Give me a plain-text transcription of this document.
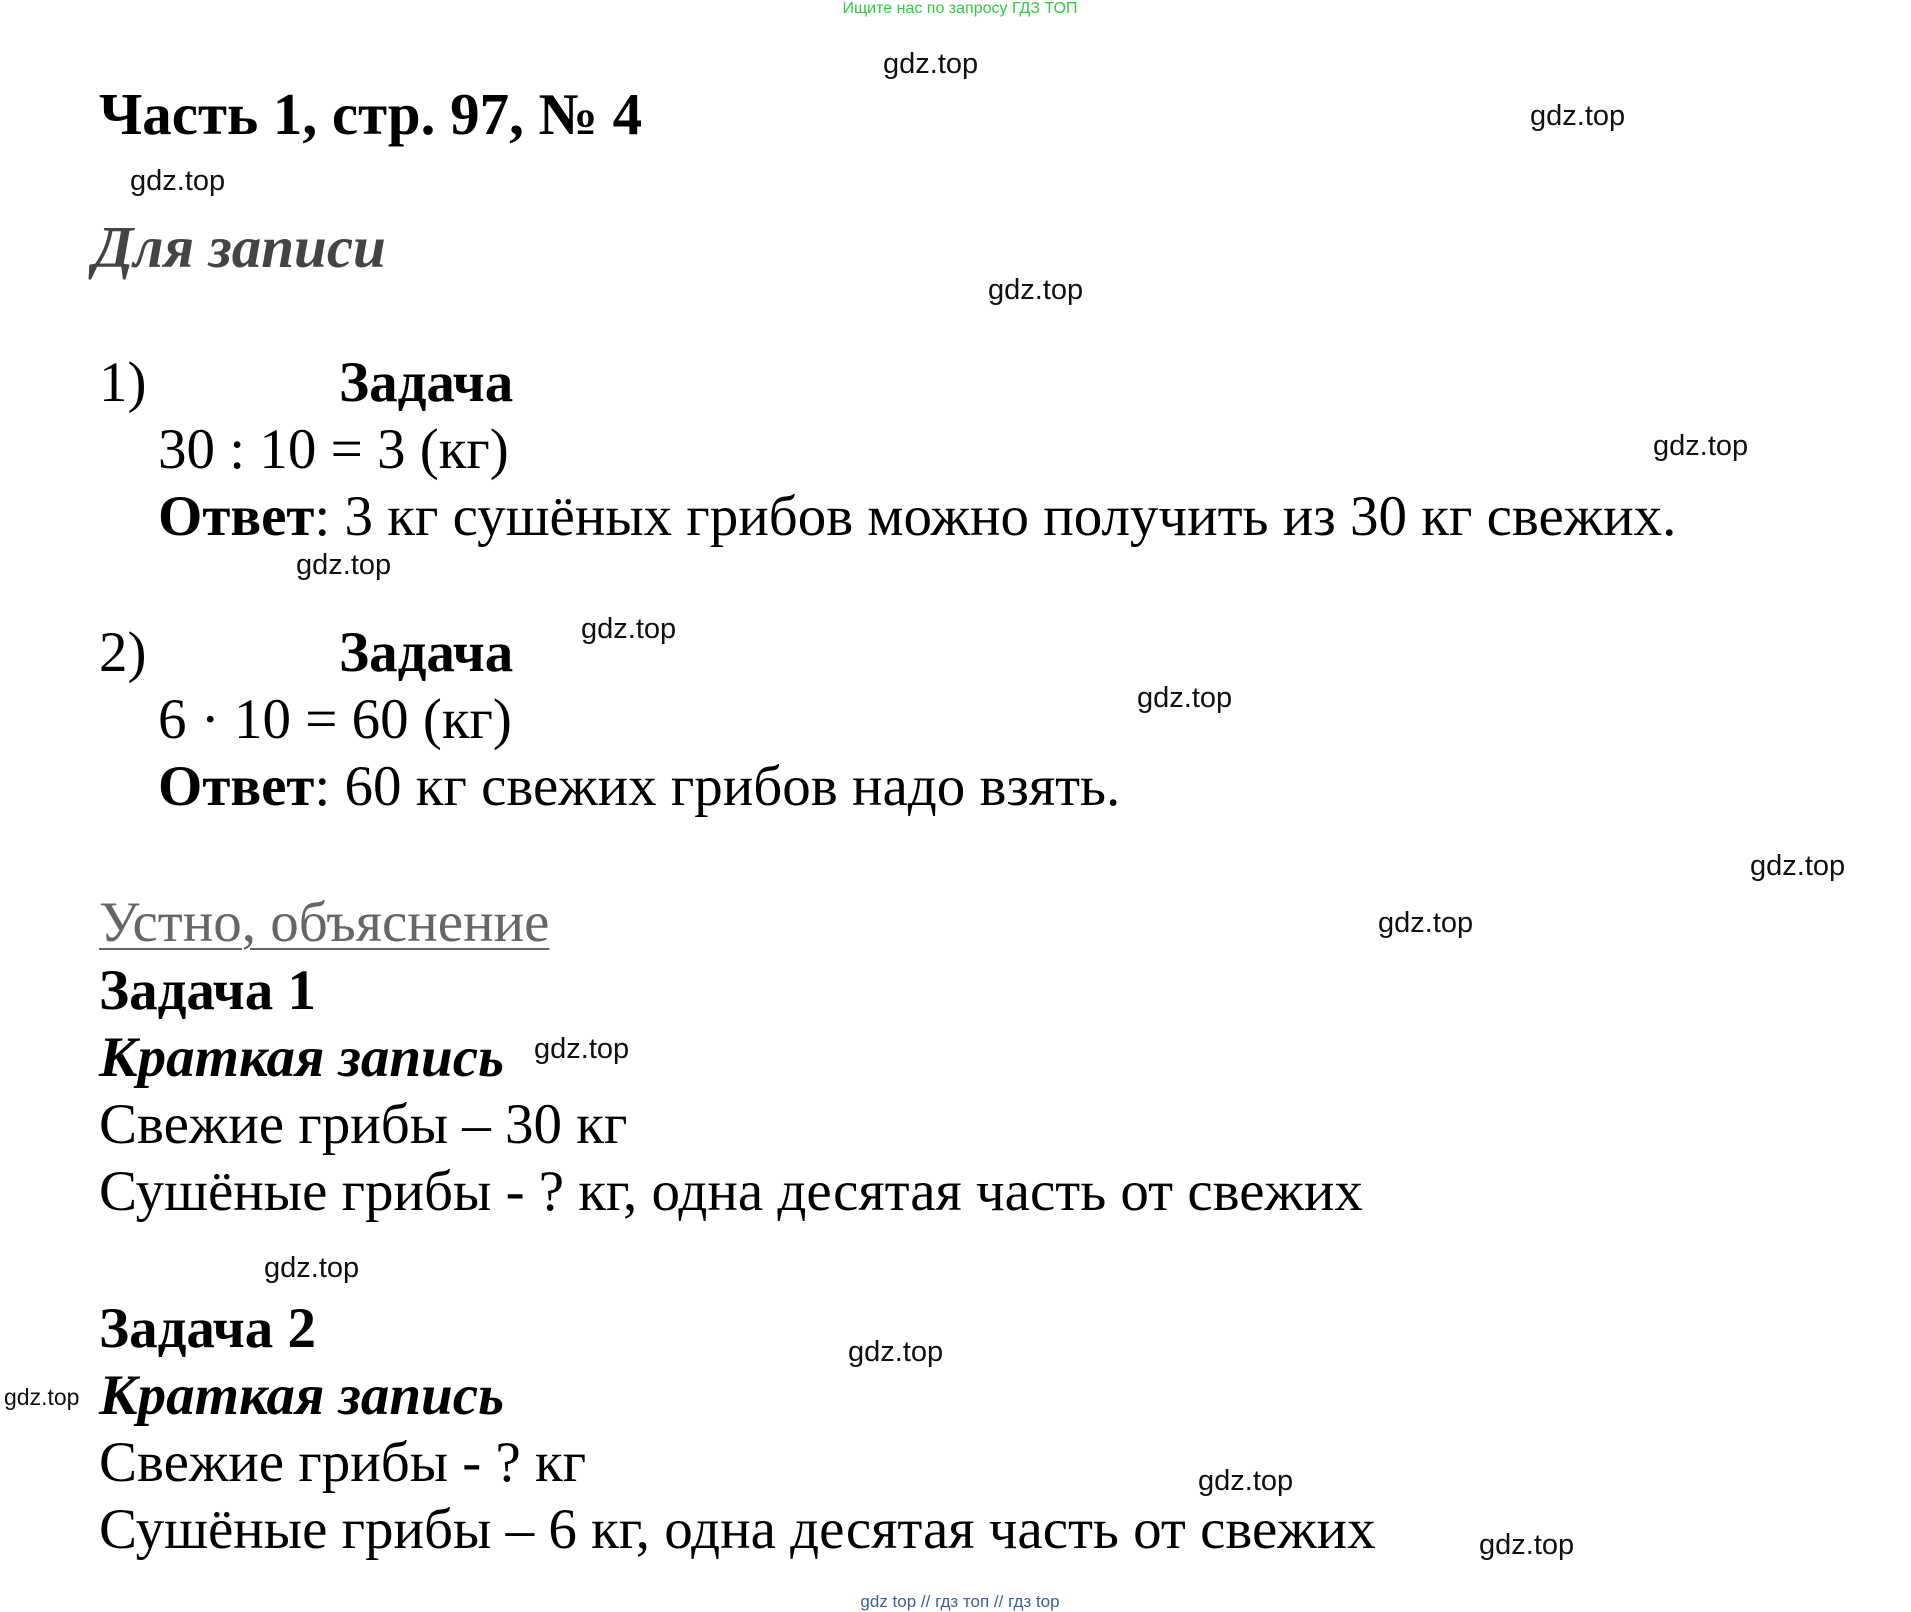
Ищите нас по запросу ГДЗ ТОП
gdz.top
gdz.top
gdz.top
gdz.top
gdz.top
gdz.top
gdz.top
gdz.top
gdz.top
gdz.top
gdz.top
gdz.top
gdz.top
gdz.top
gdz.top
gdz.top
Часть 1, стр. 97, № 4
Для записи
1)	Задача
30 : 10 = 3 (кг)
Ответ: 3 кг сушёных грибов можно получить из 30 кг свежих.
2)	Задача
6 · 10 = 60 (кг)
Ответ: 60 кг свежих грибов надо взять.
Устно, объяснение
Задача 1
Краткая запись
Свежие грибы – 30 кг
Сушёные грибы - ? кг, одна десятая часть от свежих
Задача 2
Краткая запись
Свежие грибы - ? кг
Сушёные грибы – 6 кг, одна десятая часть от свежих
gdz top // гдз топ // гдз top
